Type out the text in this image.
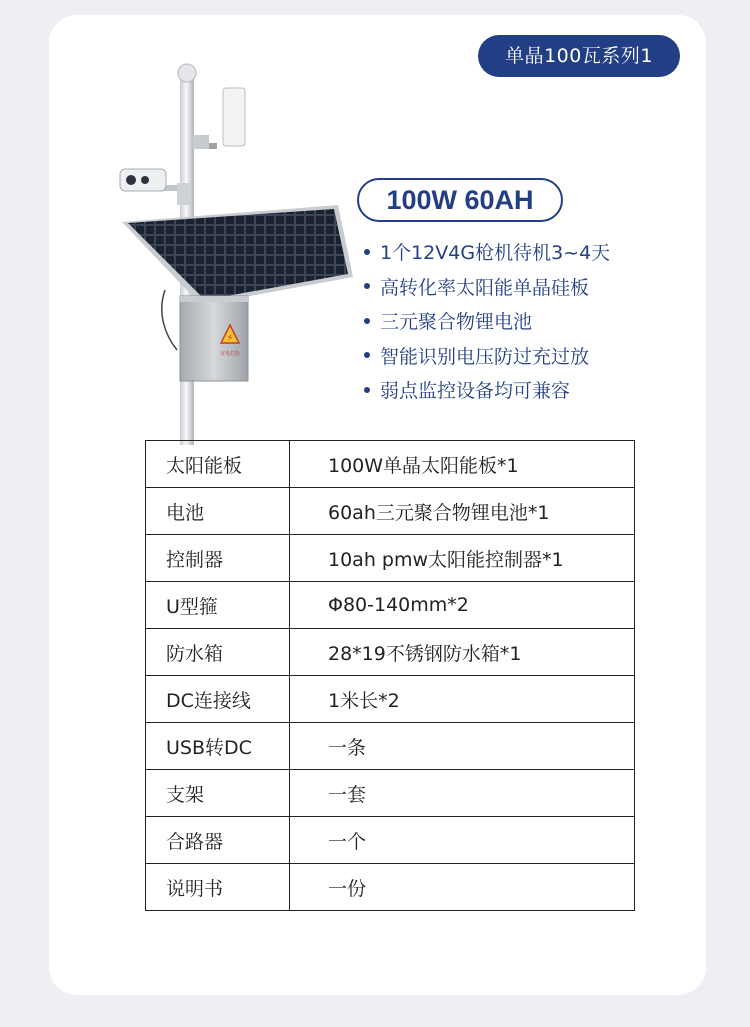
单晶100瓦系列1
⚡
有电危险
100W 60AH
1个12V4G枪机待机3~4天
高转化率太阳能单晶硅板
三元聚合物锂电池
智能识别电压防过充过放
弱点监控设备均可兼容
太阳能板	100W单晶太阳能板*1
电池	60ah三元聚合物锂电池*1
控制器	10ah pmw太阳能控制器*1
U型箍	Φ80-140mm*2
防水箱	28*19不锈钢防水箱*1
DC连接线	1米长*2
USB转DC	一条
支架	一套
合路器	一个
说明书	一份
